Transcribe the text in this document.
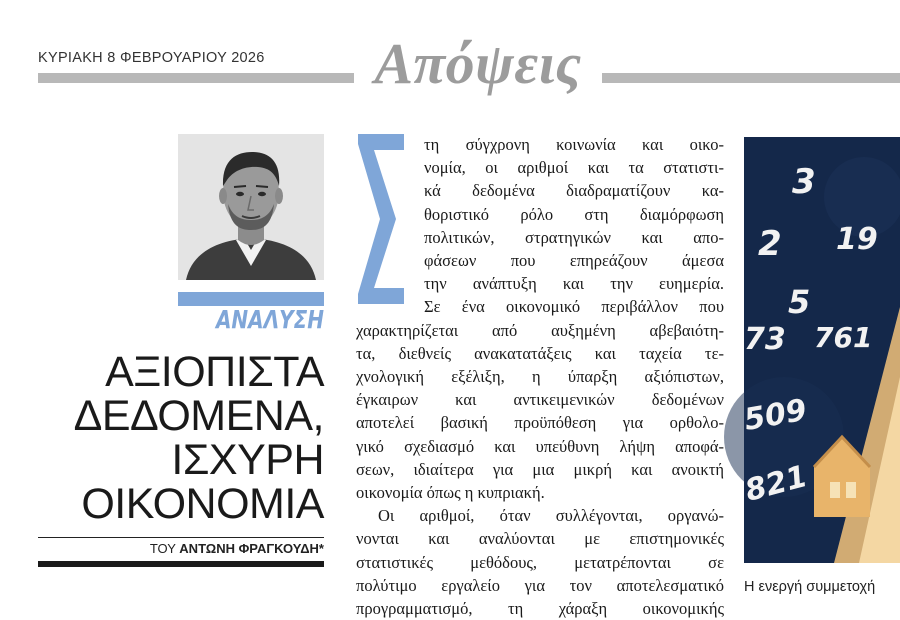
ΚΥΡΙΑΚΗ 8 ΦΕΒΡΟΥΑΡΙΟΥ 2026	Απόψεις
ΑΝΑΛΥΣΗ
ΑΞΙΟΠΙΣΤΑ
ΔΕΔΟΜΕΝΑ,
ΙΣΧΥΡΗ
ΟΙΚΟΝΟΜΙΑ
ΤΟΥ ΑΝΤΩΝΗ ΦΡΑΓΚΟΥΔΗ*
τη σύγχρονη κοινωνία και οικο-
νομία, οι αριθμοί και τα στατιστι-
κά δεδομένα διαδραματίζουν κα-
θοριστικό ρόλο στη διαμόρφωση
πολιτικών, στρατηγικών και απο-
φάσεων που επηρεάζουν άμεσα
την ανάπτυξη και την ευημερία.
Σε ένα οικονομικό περιβάλλον που
χαρακτηρίζεται από αυξημένη αβεβαιότη-
τα, διεθνείς ανακατατάξεις και ταχεία τε-
χνολογική εξέλιξη, η ύπαρξη αξιόπιστων,
έγκαιρων και αντικειμενικών δεδομένων
αποτελεί βασική προϋπόθεση για ορθολο-
γικό σχεδιασμό και υπεύθυνη λήψη αποφά-
σεων, ιδιαίτερα για μια μικρή και ανοικτή
οικονομία όπως η κυπριακή.
Οι αριθμοί, όταν συλλέγονται, οργανώ-
νονται και αναλύονται με επιστημονικές
στατιστικές μεθόδους, μετατρέπονται σε
πολύτιμο εργαλείο για τον αποτελεσματικό
προγραμματισμό, τη χάραξη οικονομικής
3
2 19
5
73 761
509
821
Η ενεργή συμμετοχή
